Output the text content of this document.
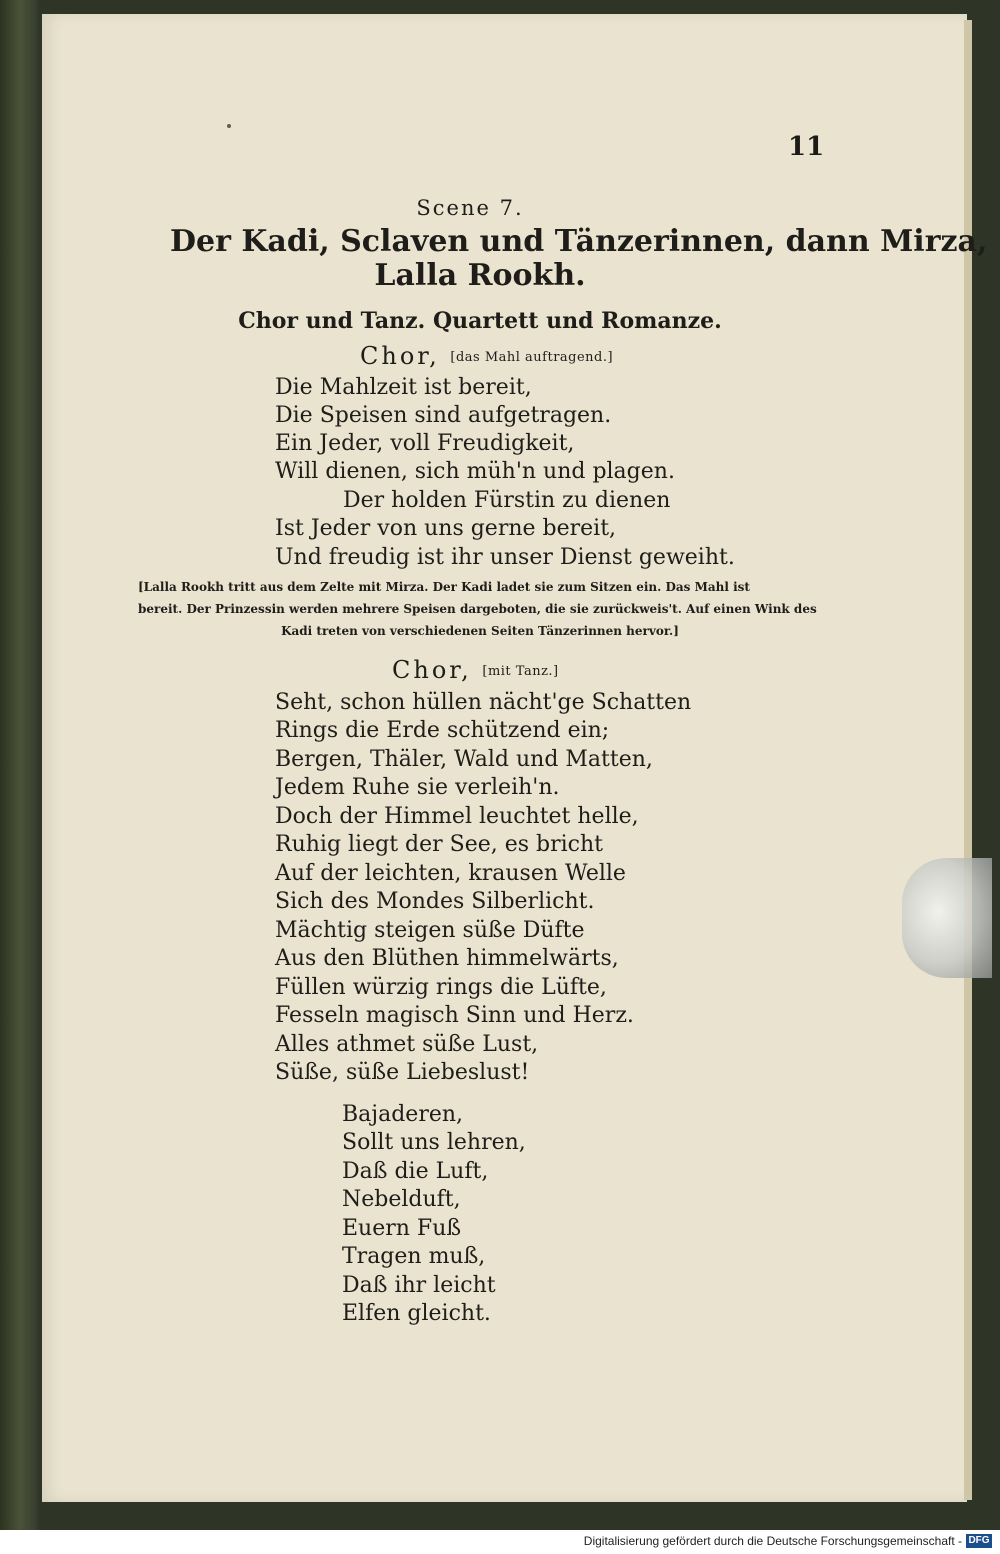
11
Scene 7.
Der Kadi, Sclaven und Tänzerinnen, dann Mirza,
Lalla Rookh.
Chor und Tanz. Quartett und Romanze.
Chor, [das Mahl auftragend.]
Die Mahlzeit ist bereit,
Die Speisen sind aufgetragen.
Ein Jeder, voll Freudigkeit,
Will dienen, sich müh'n und plagen.
Der holden Fürstin zu dienen
Ist Jeder von uns gerne bereit,
Und freudig ist ihr unser Dienst geweiht.
[Lalla Rookh tritt aus dem Zelte mit Mirza. Der Kadi ladet sie zum Sitzen ein. Das Mahl ist
bereit. Der Prinzessin werden mehrere Speisen dargeboten, die sie zurückweis't. Auf einen Wink des
Kadi treten von verschiedenen Seiten Tänzerinnen hervor.]
Chor, [mit Tanz.]
Seht, schon hüllen nächt'ge Schatten
Rings die Erde schützend ein;
Bergen, Thäler, Wald und Matten,
Jedem Ruhe sie verleih'n.
Doch der Himmel leuchtet helle,
Ruhig liegt der See, es bricht
Auf der leichten, krausen Welle
Sich des Mondes Silberlicht.
Mächtig steigen süße Düfte
Aus den Blüthen himmelwärts,
Füllen würzig rings die Lüfte,
Fesseln magisch Sinn und Herz.
Alles athmet süße Lust,
Süße, süße Liebeslust!
Bajaderen,
Sollt uns lehren,
Daß die Luft,
Nebelduft,
Euern Fuß
Tragen muß,
Daß ihr leicht
Elfen gleicht.
Digitalisierung gefördert durch die Deutsche Forschungsgemeinschaft - DFG
